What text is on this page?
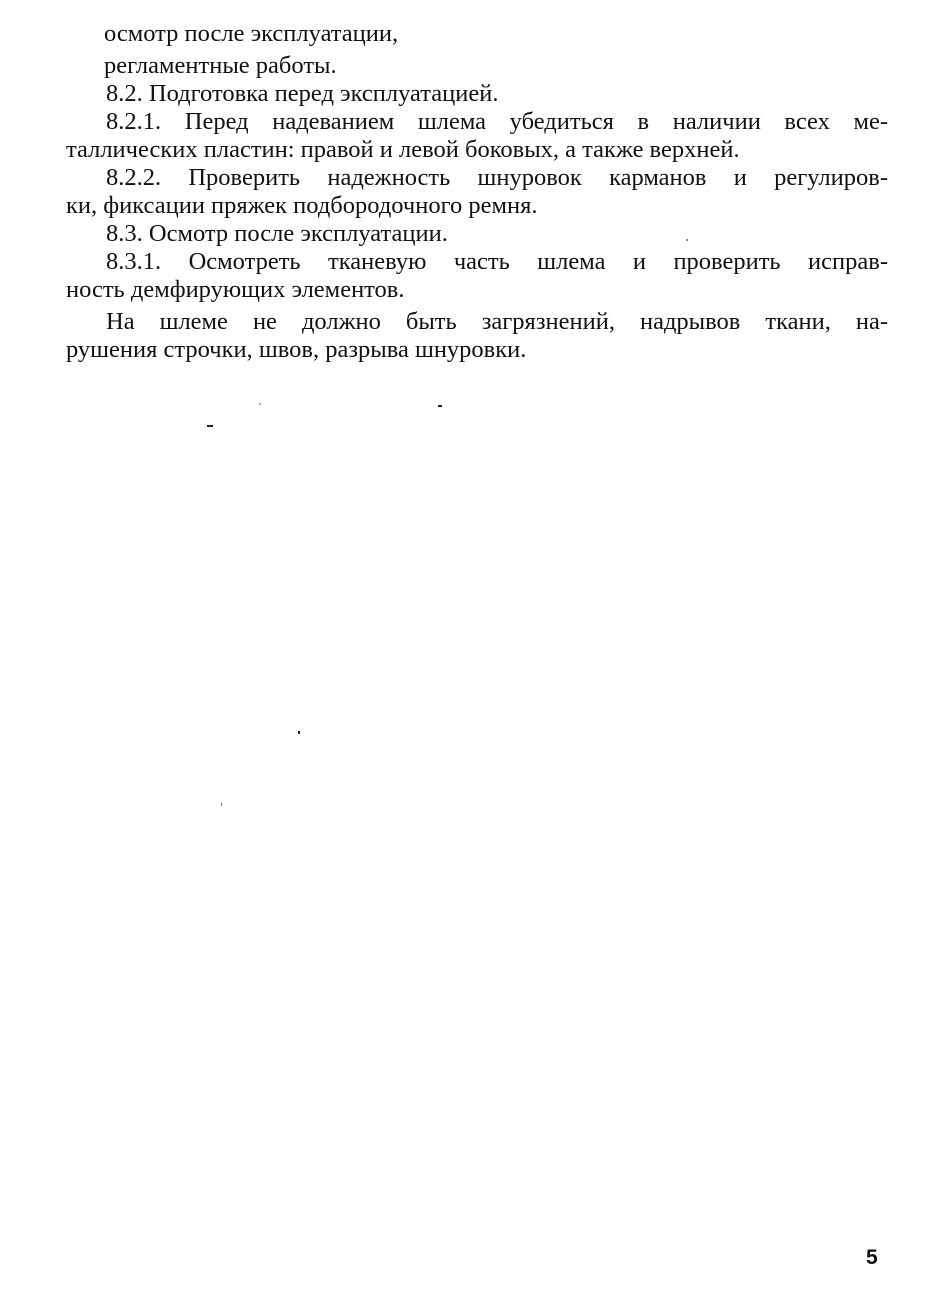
осмотр после эксплуатации,
регламентные работы.
8.2. Подготовка перед эксплуатацией.
8.2.1. Перед надеванием шлема убедиться в наличии всех ме-
таллических пластин: правой и левой боковых, а также верхней.
8.2.2. Проверить надежность шнуровок карманов и регулиров-
ки, фиксации пряжек подбородочного ремня.
8.3. Осмотр после эксплуатации.
8.3.1. Осмотреть тканевую часть шлема и проверить исправ-
ность демфирующих элементов.
На шлеме не должно быть загрязнений, надрывов ткани, на-
рушения строчки, швов, разрыва шнуровки.
5
